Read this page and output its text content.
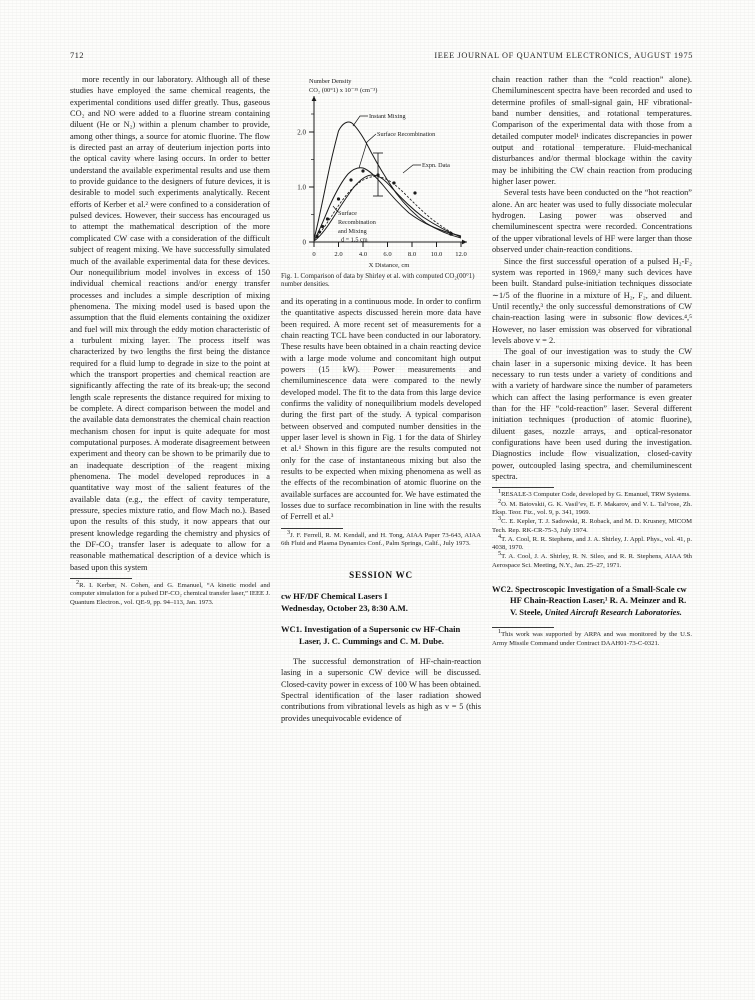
712	IEEE JOURNAL OF QUANTUM ELECTRONICS, AUGUST 1975

more recently in our laboratory. Although all of these studies have employed the same chemical reagents, the experimental conditions used differ greatly. Thus, gaseous CO₂ and NO were added to a fluorine stream containing diluent (He or N₂) within a plenum chamber to provide, among other things, a source for atomic fluorine. The flow is directed past an array of deuterium injection ports into the optical cavity where lasing occurs. In order to better understand the available experimental results and use them to provide guidance to the designers of future devices, it is desirable to model such experiments analytically. Recent efforts of Kerber et al.² were confined to a consideration of pulsed devices. However, their success has encouraged us to attempt the mathematical description of the more complicated CW case with a consideration of the difficult subject of reagent mixing. We have successfully simulated much of the available experimental data for these devices. Our nonequilibrium model involves in excess of 150 individual chemical reactions and/or energy transfer processes and includes a simple description of mixing phenomena. The mixing model used is based upon the assumption that the fluid elements containing the oxidizer and fuel will mix through the eddy motion characteristic of a turbulent mixing layer. The process itself was characterized by two lengths the first being the distance required for a fluid lump to degrade in size to the point at which the transport properties and chemical reaction are significantly affecting the rate of its break-up; the second length scale represents the distance required for mixing to be complete. A direct comparison between the model and the available data demonstrates the chemical chain reaction mechanism chosen for input is quite adequate for most computational purposes. A moderate disagreement between experiment and theory can be shown to be primarily due to an inadequate description of the reagent mixing phenomena. The model developed reproduces in a quantitative way most of the salient features of the available data (e.g., the effect of cavity temperature, pressure, species mixture ratio, and flow Mach no.). Based upon the results of this study, it now appears that our present knowledge regarding the chemistry and physics of the DF-CO₂ transfer laser is adequate to allow for a reasonable mathematical description of a device which is based upon this system

$^2$R. I. Kerber, N. Cohen, and G. Emanuel, “A kinetic model and computer simulation for a pulsed DF-CO₂ chemical transfer laser,” IEEE J. Quantum Electron., vol. QE-9, pp. 94–113, Jan. 1973.

0
1.0
2.0
0	2.0 4.0 6.0 8.0 10.0 12.0
Number Density
CO₂ (00°1) x 10⁻¹⁵ (cm⁻³)
X Distance, cm
Instant Mixing
Surface Recombination
Expn. Data
Surface
Recombination
and Mixing
d = 1.5 cm

Fig. 1. Comparison of data by Shirley et al. with computed CO₂(00°1) number densities.

and its operating in a continuous mode. In order to confirm the quantitative aspects discussed herein more data have been required. A more recent set of measurements for a chain reacting TCL have been conducted in our laboratory. These results have been obtained in a chain reacting device with a large mode volume and concomitant high output powers (15 kW). Power measurements and chemiluminescence data were compared to the newly developed model. The fit to the data from this large device confirms the validity of nonequilibrium models developed during the first part of the study. A typical comparison between observed and computed number densities in the upper laser level is shown in Fig. 1 for the data of Shirley et al.¹ Shown in this figure are the results computed not only for the case of instantaneous mixing but also the results to be expected when mixing phenomena as well as the effects of the recombination of atomic fluorine on the available surfaces are accounted for. We have estimated the losses due to surface recombination in line with the results of Ferrell et al.³

$^3$J. F. Ferrell, R. M. Kendall, and H. Tong, AIAA Paper 73-643, AIAA 6th Fluid and Plasma Dynamics Conf., Palm Springs, Calif., July 1973.

SESSION WC
cw HF/DF Chemical Lasers I
Wednesday, October 23, 8:30 A.M.
WC1. Investigation of a Supersonic cw HF-Chain Laser, J. C. Cummings and C. M. Dube.

The successful demonstration of HF-chain-reaction lasing in a supersonic CW device will be discussed. Closed-cavity power in excess of 100 W has been obtained. Spectral identification of the laser radiation showed contributions from vibrational levels as high as v = 5 (this provides unequivocable evidence of

chain reaction rather than the “cold reaction” alone). Chemiluminescent spectra have been recorded and used to determine profiles of small-signal gain, HF vibrational-band number densities, and rotational temperatures. Comparison of the experimental data with those from a detailed computer model¹ indicates discrepancies in power output and rotational temperature. Fluid-mechanical disturbances and/or thermal blockage within the cavity may be inhibiting the CW chain reaction from producing higher laser power.

Several tests have been conducted on the “hot reaction” alone. An arc heater was used to fully dissociate molecular hydrogen. Lasing power was observed and chemiluminescent spectra were recorded. Concentrations of the upper vibrational levels of HF were larger than those observed under chain-reaction conditions.

Since the first successful operation of a pulsed H₂-F₂ system was reported in 1969,² many such devices have been built. Standard pulse-initiation techniques dissociate ∼1/5 of the fluorine in a mixture of H₂, F₂, and diluent. Until recently,³ the only successful demonstrations of CW chain-reaction lasing were in subsonic flow devices.⁴,⁵ However, no laser emission was observed for vibrational levels above v = 2.

The goal of our investigation was to study the CW chain laser in a supersonic mixing device. It has been necessary to run tests under a variety of conditions and with a variety of hardware since the number of parameters which can affect the lasing performance is even greater than for the HF “cold-reaction” laser. Several different initiation techniques (production of atomic fluorine), diluent gases, nozzle arrays, and optical-resonator configurations have been used during the investigation. Diagnostics include flow visualization, closed-cavity power, outcoupled lasing spectra, and chemiluminescent spectra.

$^1$RESALE-3 Computer Code, developed by G. Emanuel, TRW Systems.

$^2$O. M. Batovskii, G. K. Vasil’ev, E. F. Makarov, and V. L. Tal’rose, Zh. Eksp. Teor. Fiz., vol. 9, p. 341, 1969.

$^3$C. E. Kepler, T. J. Sadowski, R. Roback, and M. D. Krusney, MICOM Tech. Rep. RK-CR-75-3, July 1974.

$^4$T. A. Cool, R. R. Stephens, and J. A. Shirley, J. Appl. Phys., vol. 41, p. 4038, 1970.

$^5$T. A. Cool, J. A. Shirley, R. N. Sileo, and R. R. Stephens, AIAA 9th Aerospace Sci. Meeting, N.Y., Jan. 25–27, 1971.

WC2. Spectroscopic Investigation of a Small-Scale cw HF Chain-Reaction Laser,¹ R. A. Meinzer and R. V. Steele, United Aircraft Research Laboratories.

$^1$This work was supported by ARPA and was monitored by the U.S. Army Missile Command under Contract DAAH01-73-C-0321.
